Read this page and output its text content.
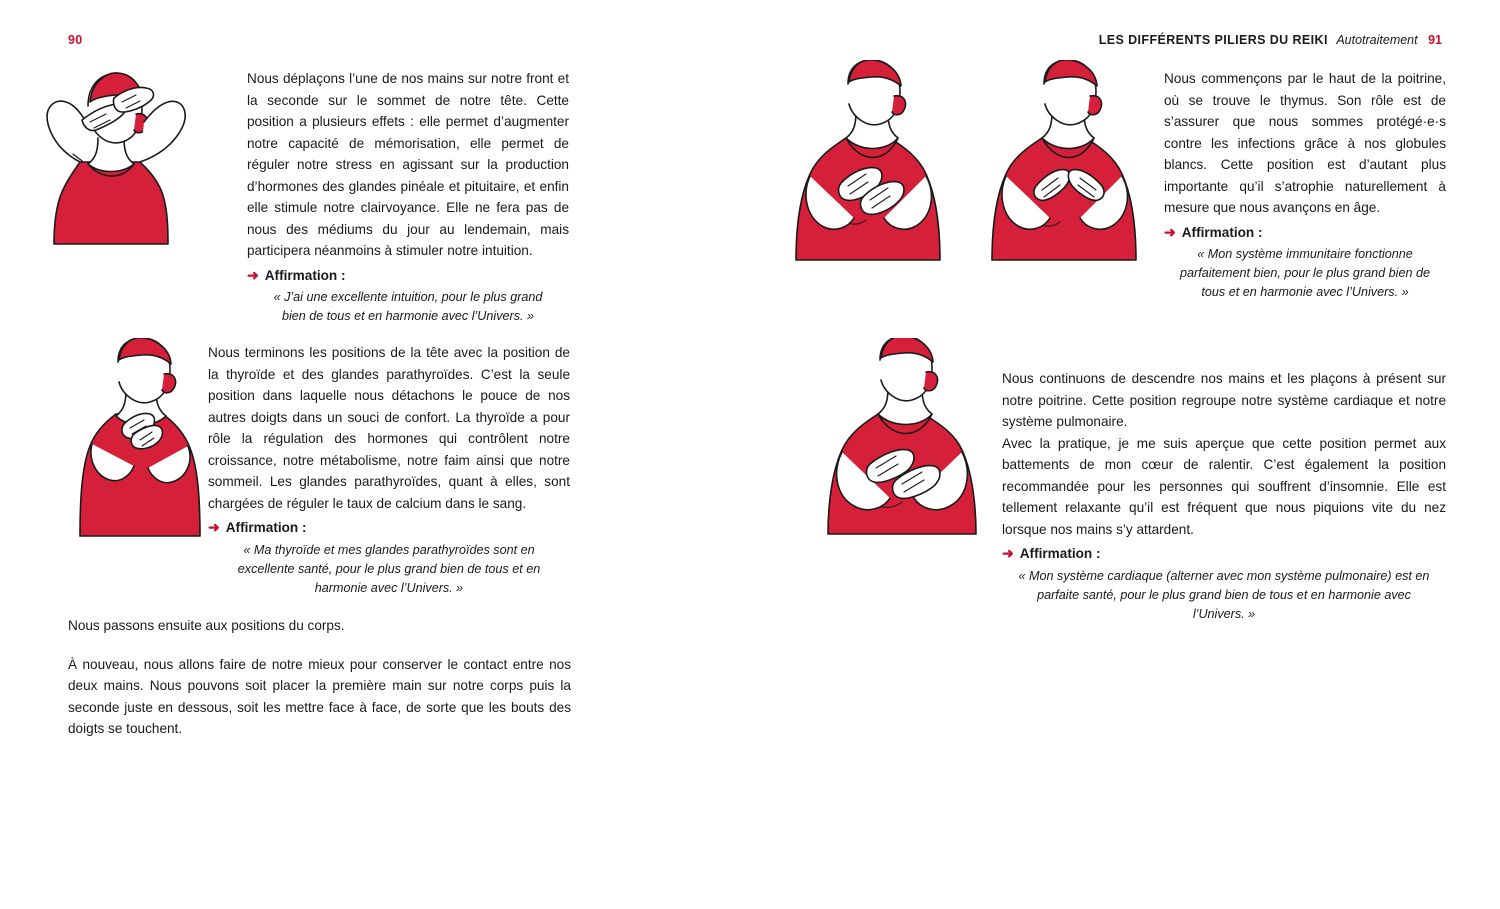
90

Nous déplaçons l’une de nos mains sur notre front et la seconde sur le sommet de notre tête. Cette position a plusieurs effets : elle permet d’augmenter notre capacité de mémorisation, elle permet de réguler notre stress en agissant sur la production d’hormones des glandes pinéale et pituitaire, et enfin elle stimule notre clairvoyance. Elle ne fera pas de nous des médiums du jour au lendemain, mais participera néanmoins à stimuler notre intuition.

➜ Affirmation :
« J’ai une excellente intuition, pour le plus grand bien de tous et en harmonie avec l’Univers. »

Nous terminons les positions de la tête avec la position de la thyroïde et des glandes parathyroïdes. C’est la seule position dans laquelle nous détachons le pouce de nos autres doigts dans un souci de confort. La thyroïde a pour rôle la régulation des hormones qui contrôlent notre croissance, notre métabolisme, notre faim ainsi que notre sommeil. Les glandes parathyroïdes, quant à elles, sont chargées de réguler le taux de calcium dans le sang.

➜ Affirmation :
« Ma thyroïde et mes glandes parathyroïdes sont en excellente santé, pour le plus grand bien de tous et en harmonie avec l’Univers. »

Nous passons ensuite aux positions du corps.

À nouveau, nous allons faire de notre mieux pour conserver le contact entre nos deux mains. Nous pouvons soit placer la première main sur notre corps puis la seconde juste en dessous, soit les mettre face à face, de sorte que les bouts des doigts se touchent.

LES DIFFÉRENTS PILIERS DU REIKI Autotraitement 91

Nous commençons par le haut de la poitrine, où se trouve le thymus. Son rôle est de s’assurer que nous sommes protégé·e·s contre les infections grâce à nos globules blancs. Cette position est d’autant plus importante qu’il s’atrophie naturellement à mesure que nous avançons en âge.

➜ Affirmation :
« Mon système immunitaire fonctionne parfaitement bien, pour le plus grand bien de tous et en harmonie avec l’Univers. »

Nous continuons de descendre nos mains et les plaçons à présent sur notre poitrine. Cette position regroupe notre système cardiaque et notre système pulmonaire.

Avec la pratique, je me suis aperçue que cette position permet aux battements de mon cœur de ralentir. C’est également la position recommandée pour les personnes qui souffrent d’insomnie. Elle est tellement relaxante qu’il est fréquent que nous piquions vite du nez lorsque nos mains s’y attardent.

➜ Affirmation :
« Mon système cardiaque (alterner avec mon système pulmonaire) est en parfaite santé, pour le plus grand bien de tous et en harmonie avec l’Univers. »
